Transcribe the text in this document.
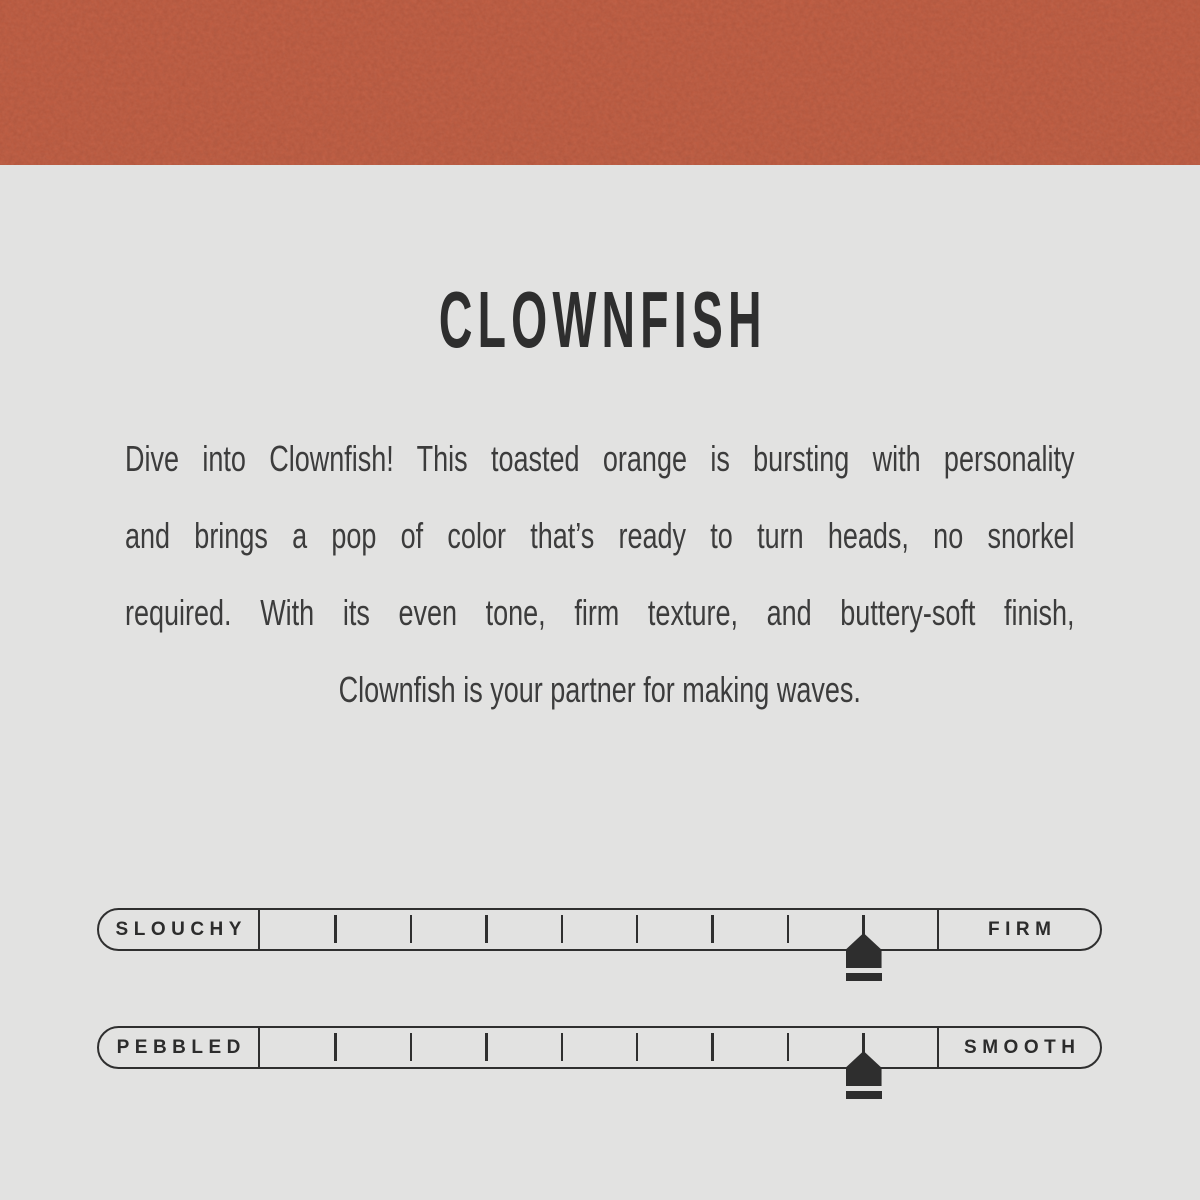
CLOWNFISH
Dive into Clownfish! This toasted orange is bursting with personality
and brings a pop of color that’s ready to turn heads, no snorkel
required. With its even tone, firm texture, and buttery-soft finish,
Clownfish is your partner for making waves.
SLOUCHY	FIRM
PEBBLED	SMOOTH
